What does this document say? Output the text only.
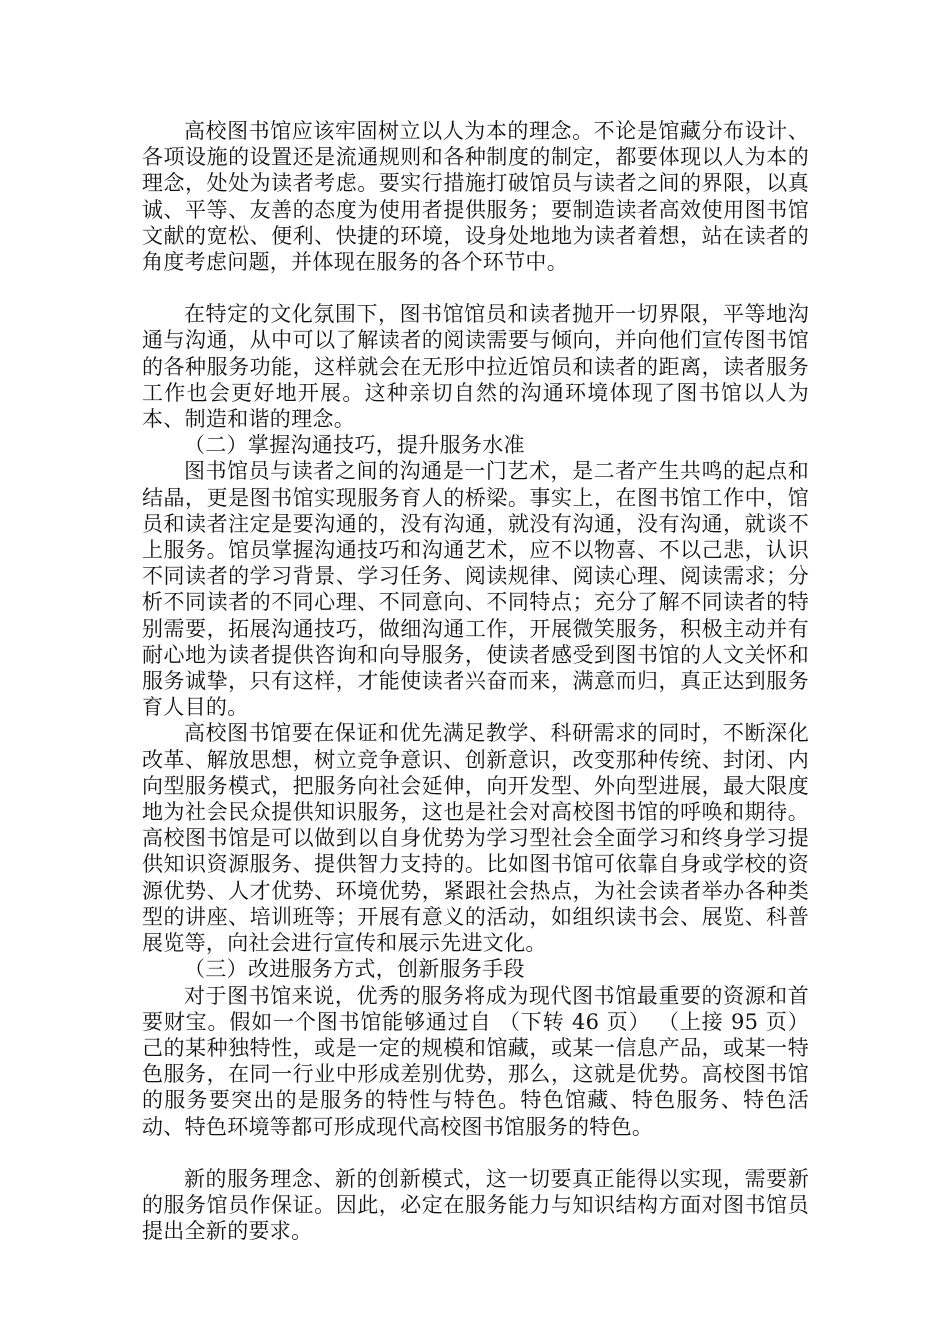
高校图书馆应该牢固树立以人为本的理念。不论是馆藏分布设计、各项设施的设置还是流通规则和各种制度的制定，都要体现以人为本的理念，处处为读者考虑。要实行措施打破馆员与读者之间的界限，以真诚、平等、友善的态度为使用者提供服务；要制造读者高效使用图书馆文献的宽松、便利、快捷的环境，设身处地地为读者着想，站在读者的角度考虑问题，并体现在服务的各个环节中。

在特定的文化氛围下，图书馆馆员和读者抛开一切界限，平等地沟通与沟通，从中可以了解读者的阅读需要与倾向，并向他们宣传图书馆的各种服务功能，这样就会在无形中拉近馆员和读者的距离，读者服务工作也会更好地开展。这种亲切自然的沟通环境体现了图书馆以人为本、制造和谐的理念。

（二）掌握沟通技巧，提升服务水准

图书馆员与读者之间的沟通是一门艺术，是二者产生共鸣的起点和结晶，更是图书馆实现服务育人的桥梁。事实上，在图书馆工作中，馆员和读者注定是要沟通的，没有沟通，就没有沟通，没有沟通，就谈不上服务。馆员掌握沟通技巧和沟通艺术，应不以物喜、不以己悲，认识不同读者的学习背景、学习任务、阅读规律、阅读心理、阅读需求；分析不同读者的不同心理、不同意向、不同特点；充分了解不同读者的特别需要，拓展沟通技巧，做细沟通工作，开展微笑服务，积极主动并有耐心地为读者提供咨询和向导服务，使读者感受到图书馆的人文关怀和服务诚挚，只有这样，才能使读者兴奋而来，满意而归，真正达到服务育人目的。

高校图书馆要在保证和优先满足教学、科研需求的同时，不断深化改革、解放思想，树立竞争意识、创新意识，改变那种传统、封闭、内向型服务模式，把服务向社会延伸，向开发型、外向型进展，最大限度地为社会民众提供知识服务，这也是社会对高校图书馆的呼唤和期待。高校图书馆是可以做到以自身优势为学习型社会全面学习和终身学习提供知识资源服务、提供智力支持的。比如图书馆可依靠自身或学校的资源优势、人才优势、环境优势，紧跟社会热点，为社会读者举办各种类型的讲座、培训班等；开展有意义的活动，如组织读书会、展览、科普展览等，向社会进行宣传和展示先进文化。

（三）改进服务方式，创新服务手段

对于图书馆来说，优秀的服务将成为现代图书馆最重要的资源和首要财宝。假如一个图书馆能够通过自 （下转 46 页） （上接 95 页） 己的某种独特性，或是一定的规模和馆藏，或某一信息产品，或某一特色服务，在同一行业中形成差别优势，那么，这就是优势。高校图书馆的服务要突出的是服务的特性与特色。特色馆藏、特色服务、特色活动、特色环境等都可形成现代高校图书馆服务的特色。

新的服务理念、新的创新模式，这一切要真正能得以实现，需要新的服务馆员作保证。因此，必定在服务能力与知识结构方面对图书馆员提出全新的要求。
